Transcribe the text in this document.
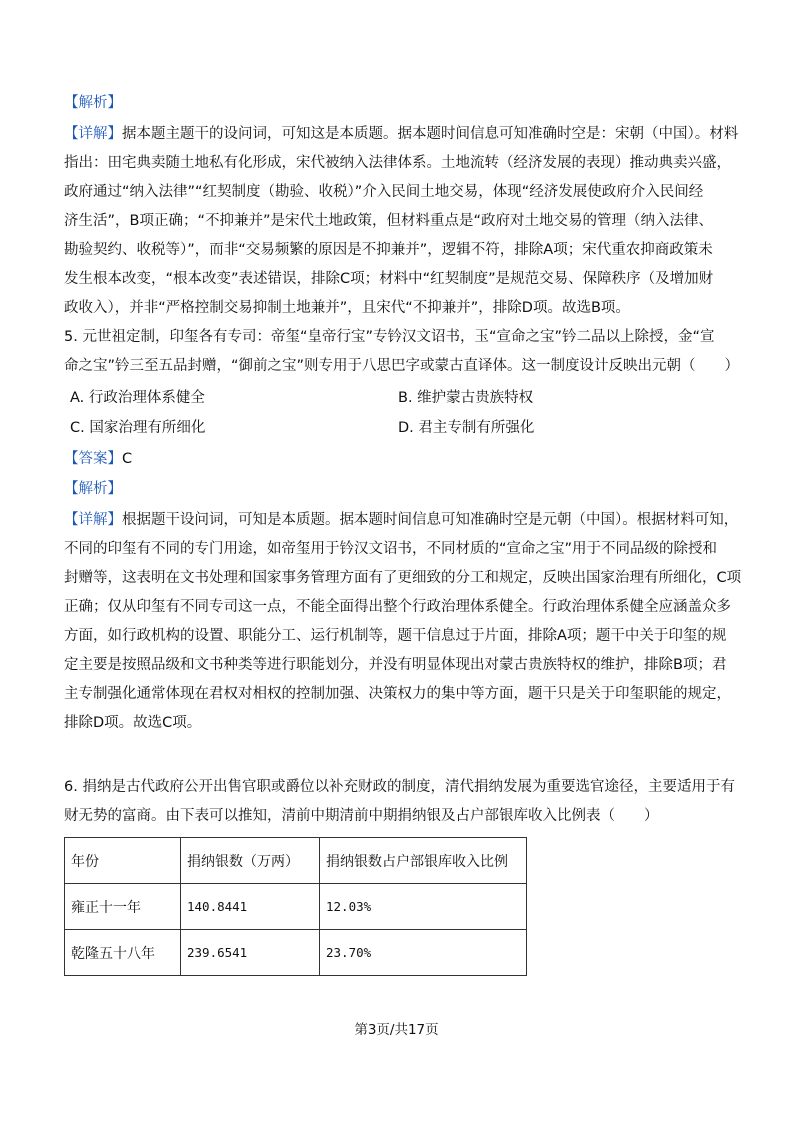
【解析】
【详解】据本题主题干的设问词，可知这是本质题。据本题时间信息可知准确时空是：宋朝（中国）。材料
指出：田宅典卖随土地私有化形成，宋代被纳入法律体系。土地流转（经济发展的表现）推动典卖兴盛，
政府通过“纳入法律”“红契制度（勘验、收税）”介入民间土地交易，体现“经济发展使政府介入民间经
济生活”，B项正确；“不抑兼并”是宋代土地政策，但材料重点是“政府对土地交易的管理（纳入法律、
勘验契约、收税等）”，而非“交易频繁的原因是不抑兼并”，逻辑不符，排除A项；宋代重农抑商政策未
发生根本改变，“根本改变”表述错误，排除C项；材料中“红契制度”是规范交易、保障秩序（及增加财
政收入），并非“严格控制交易抑制土地兼并”，且宋代“不抑兼并”，排除D项。故选B项。
5. 元世祖定制，印玺各有专司：帝玺“皇帝行宝”专钤汉文诏书，玉“宣命之宝”钤二品以上除授，金“宣
命之宝”钤三至五品封赠，“御前之宝”则专用于八思巴字或蒙古直译体。这一制度设计反映出元朝（　　）
A. 行政治理体系健全	B. 维护蒙古贵族特权
C. 国家治理有所细化	D. 君主专制有所强化
【答案】C
【解析】
【详解】根据题干设问词，可知是本质题。据本题时间信息可知准确时空是元朝（中国）。根据材料可知，
不同的印玺有不同的专门用途，如帝玺用于钤汉文诏书，不同材质的“宣命之宝”用于不同品级的除授和
封赠等，这表明在文书处理和国家事务管理方面有了更细致的分工和规定，反映出国家治理有所细化，C项
正确；仅从印玺有不同专司这一点，不能全面得出整个行政治理体系健全。行政治理体系健全应涵盖众多
方面，如行政机构的设置、职能分工、运行机制等，题干信息过于片面，排除A项；题干中关于印玺的规
定主要是按照品级和文书种类等进行职能划分，并没有明显体现出对蒙古贵族特权的维护，排除B项；君
主专制强化通常体现在君权对相权的控制加强、决策权力的集中等方面，题干只是关于印玺职能的规定，
排除D项。故选C项。
6. 捐纳是古代政府公开出售官职或爵位以补充财政的制度，清代捐纳发展为重要选官途径，主要适用于有
财无势的富商。由下表可以推知，清前中期清前中期捐纳银及占户部银库收入比例表（　　）
年份	捐纳银数（万两）	捐纳银数占户部银库收入比例
雍正十一年	140.8441	12.03%
乾隆五十八年	239.6541	23.70%
第3页/共17页
